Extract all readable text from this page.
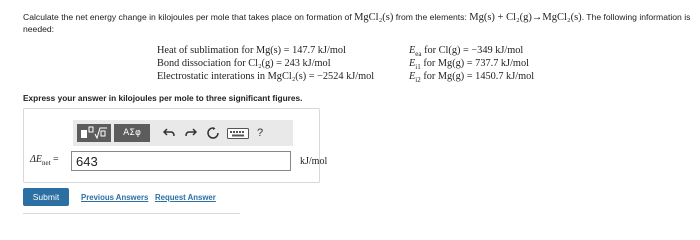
Calculate the net energy change in kilojoules per mole that takes place on formation of MgCl₂(s) from the elements: Mg(s) + Cl₂(g)→MgCl₂(s). The following information is needed:
Heat of sublimation for Mg(s) = 147.7 kJ/mol	$E_{ea}$ for Cl(g) = −349 kJ/mol
Bond dissociation for Cl₂(g) = 243 kJ/mol	$E_{i1}$ for Mg(g) = 737.7 kJ/mol
Electrostatic interations in MgCl₂(s) = −2524 kJ/mol	$E_{i2}$ for Mg(g) = 1450.7 kJ/mol
Express your answer in kilojoules per mole to three significant figures.
ΑΣφ	?
$\Delta E_{net}$ =
643	kJ/mol
Submit	Previous Answers Request Answer
